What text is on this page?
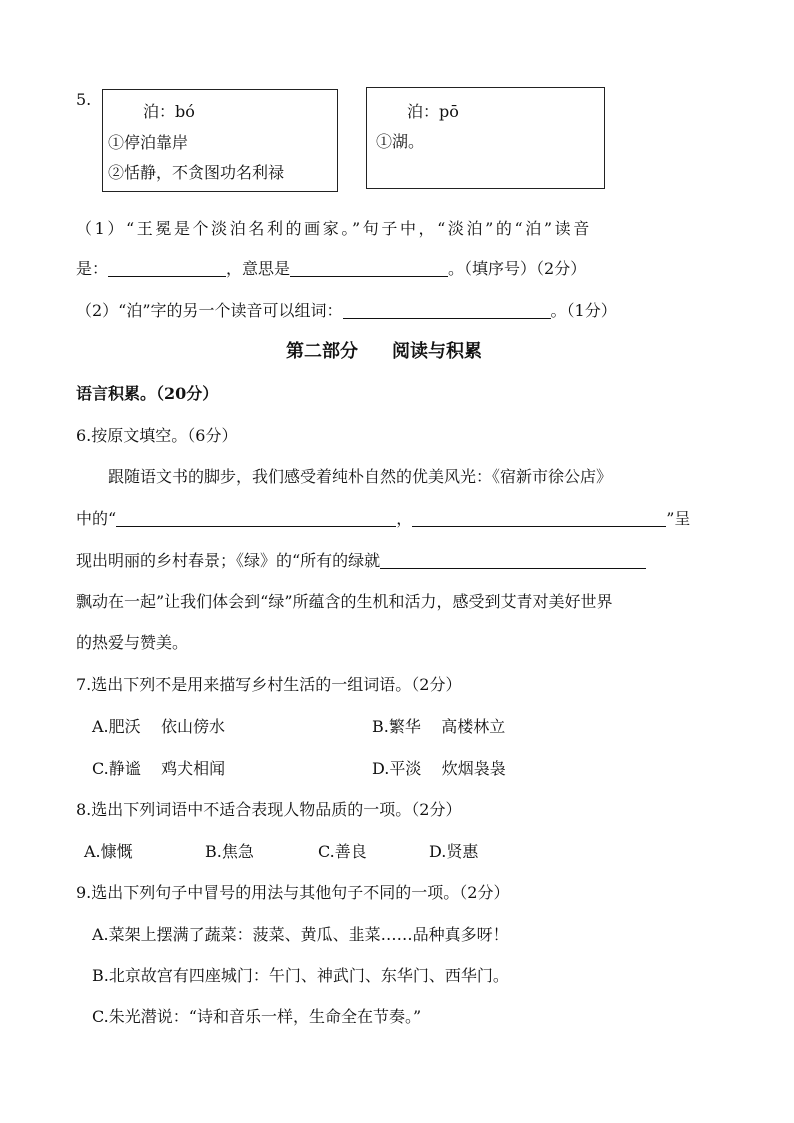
5.
泊：bó
①停泊靠岸
②恬静，不贪图功名利禄
泊：pō
①湖。
（1）“王冕是个淡泊名利的画家。”句子中，“淡泊”的“泊”读音
是：	，意思是	。（填序号）（2分）
（2）“泊”字的另一个读音可以组词：	。（1分）
第二部分 阅读与积累
语言积累。（20分）
6.按原文填空。（6分）
跟随语文书的脚步，我们感受着纯朴自然的优美风光：《宿新市徐公店》
中的“	，	”呈
现出明丽的乡村春景；《绿》的“所有的绿就
飘动在一起”让我们体会到“绿”所蕴含的生机和活力，感受到艾青对美好世界
的热爱与赞美。
7.选出下列不是用来描写乡村生活的一组词语。（2分）
A.肥沃    依山傍水	B.繁华    高楼林立
C.静谧    鸡犬相闻	D.平淡    炊烟袅袅
8.选出下列词语中不适合表现人物品质的一项。（2分）
A.慷慨	B.焦急	C.善良	D.贤惠
9.选出下列句子中冒号的用法与其他句子不同的一项。（2分）
A.菜架上摆满了蔬菜：菠菜、黄瓜、韭菜……品种真多呀！
B.北京故宫有四座城门：午门、神武门、东华门、西华门。
C.朱光潜说：“诗和音乐一样，生命全在节奏。”
